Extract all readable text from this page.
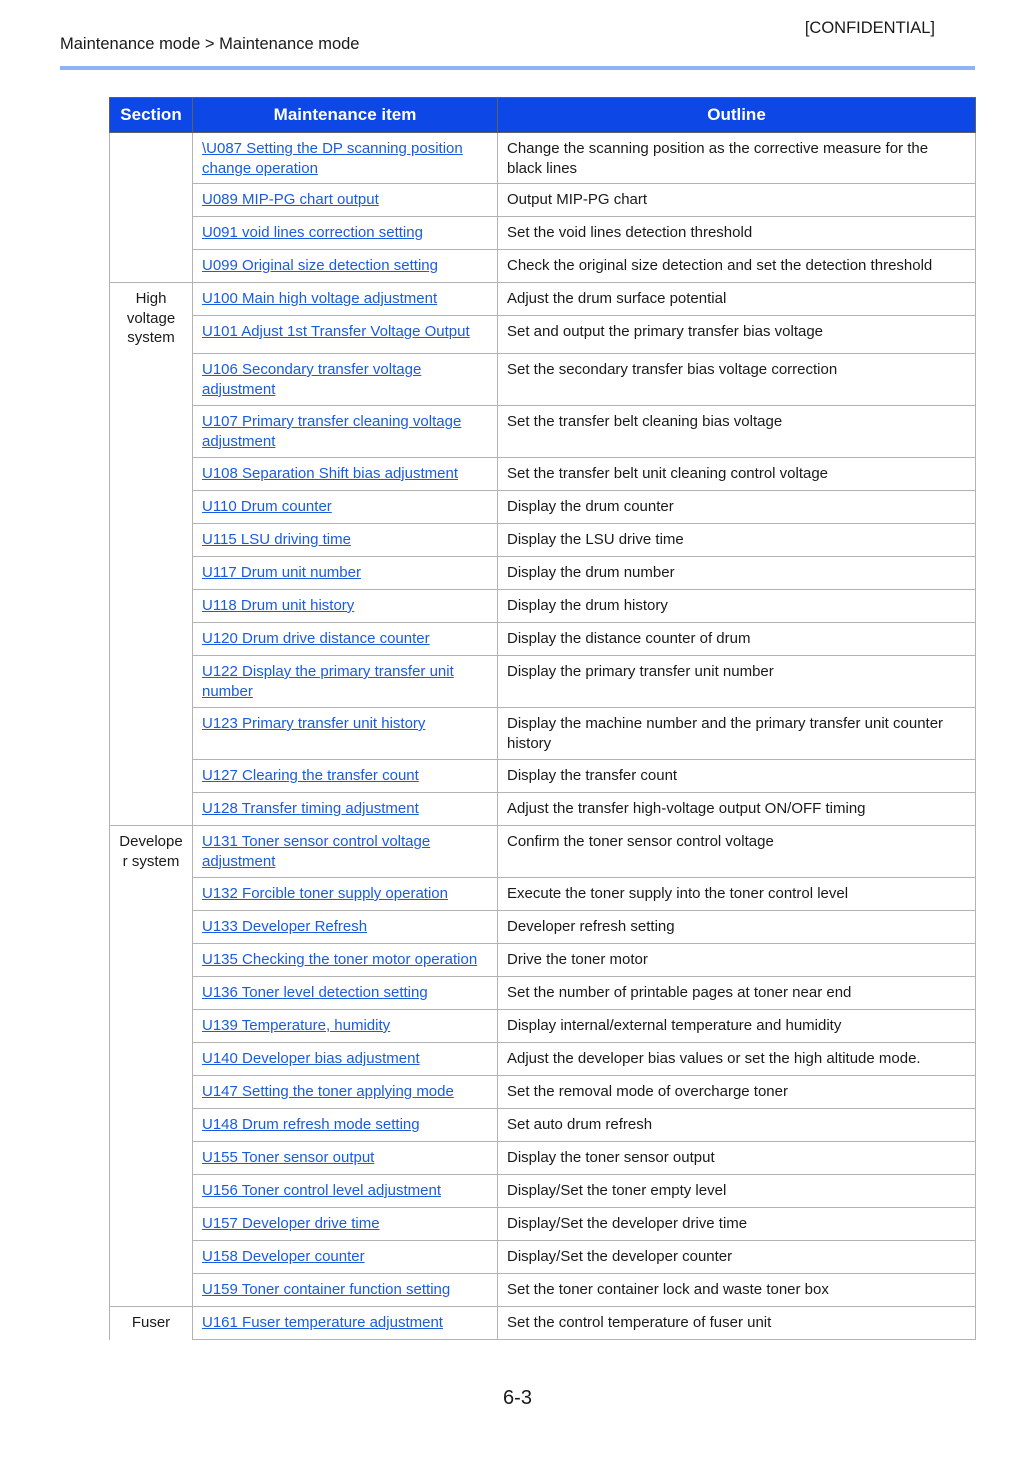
[CONFIDENTIAL]
Maintenance mode > Maintenance mode
Section	Maintenance item	Outline
	\U087 Setting the DP scanning position change operation	Change the scanning position as the corrective measure for the black lines
	U089 MIP-PG chart output	Output MIP-PG chart
	U091 void lines correction setting	Set the void lines detection threshold
	U099 Original size detection setting	Check the original size detection and set the detection threshold
High voltage system	U100 Main high voltage adjustment	Adjust the drum surface potential
	U101 Adjust 1st Transfer Voltage Output	Set and output the primary transfer bias voltage
	U106 Secondary transfer voltage adjustment	Set the secondary transfer bias voltage correction
	U107 Primary transfer cleaning voltage adjustment	Set the transfer belt cleaning bias voltage
	U108 Separation Shift bias adjustment	Set the transfer belt unit cleaning control voltage
	U110 Drum counter	Display the drum counter
	U115 LSU driving time	Display the LSU drive time
	U117 Drum unit number	Display the drum number
	U118 Drum unit history	Display the drum history
	U120 Drum drive distance counter	Display the distance counter of drum
	U122 Display the primary transfer unit number	Display the primary transfer unit number
	U123 Primary transfer unit history	Display the machine number and the primary transfer unit counter history
	U127 Clearing the transfer count	Display the transfer count
	U128 Transfer timing adjustment	Adjust the transfer high-voltage output ON/OFF timing
Developer system	U131 Toner sensor control voltage adjustment	Confirm the toner sensor control voltage
	U132 Forcible toner supply operation	Execute the toner supply into the toner control level
	U133 Developer Refresh	Developer refresh setting
	U135 Checking the toner motor operation	Drive the toner motor
	U136 Toner level detection setting	Set the number of printable pages at toner near end
	U139 Temperature, humidity	Display internal/external temperature and humidity
	U140 Developer bias adjustment	Adjust the developer bias values or set the high altitude mode.
	U147 Setting the toner applying mode	Set the removal mode of overcharge toner
	U148 Drum refresh mode setting	Set auto drum refresh
	U155 Toner sensor output	Display the toner sensor output
	U156 Toner control level adjustment	Display/Set the toner empty level
	U157 Developer drive time	Display/Set the developer drive time
	U158 Developer counter	Display/Set the developer counter
	U159 Toner container function setting	Set the toner container lock and waste toner box
Fuser	U161 Fuser temperature adjustment	Set the control temperature of fuser unit
6-3
